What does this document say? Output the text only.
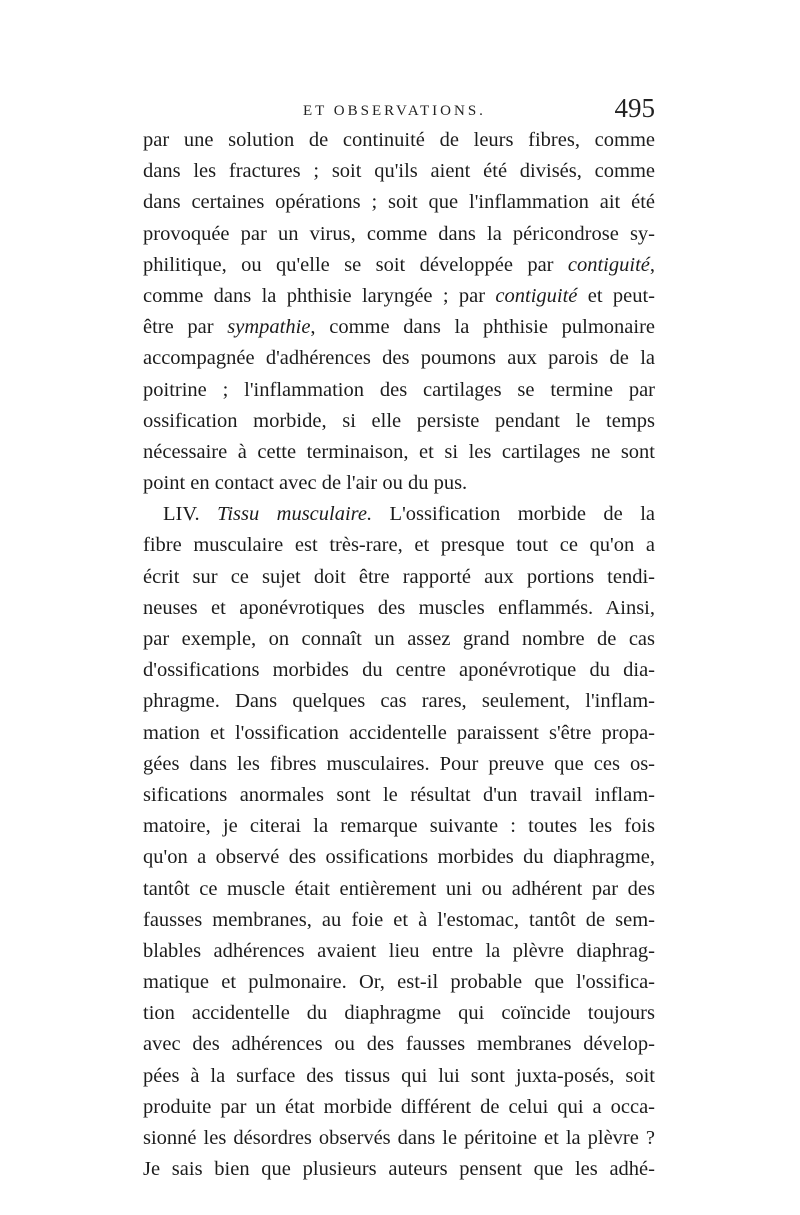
ET OBSERVATIONS.	495
par une solution de continuité de leurs fibres, comme
dans les fractures ; soit qu'ils aient été divisés, comme
dans certaines opérations ; soit que l'inflammation ait été
provoquée par un virus, comme dans la péricondrose sy-
philitique, ou qu'elle se soit développée par contiguité,
comme dans la phthisie laryngée ; par contiguité et peut-
être par sympathie, comme dans la phthisie pulmonaire
accompagnée d'adhérences des poumons aux parois de la
poitrine ; l'inflammation des cartilages se termine par
ossification morbide, si elle persiste pendant le temps
nécessaire à cette terminaison, et si les cartilages ne sont
point en contact avec de l'air ou du pus.
LIV. Tissu musculaire. L'ossification morbide de la
fibre musculaire est très-rare, et presque tout ce qu'on a
écrit sur ce sujet doit être rapporté aux portions tendi-
neuses et aponévrotiques des muscles enflammés. Ainsi,
par exemple, on connaît un assez grand nombre de cas
d'ossifications morbides du centre aponévrotique du dia-
phragme. Dans quelques cas rares, seulement, l'inflam-
mation et l'ossification accidentelle paraissent s'être propa-
gées dans les fibres musculaires. Pour preuve que ces os-
sifications anormales sont le résultat d'un travail inflam-
matoire, je citerai la remarque suivante : toutes les fois
qu'on a observé des ossifications morbides du diaphragme,
tantôt ce muscle était entièrement uni ou adhérent par des
fausses membranes, au foie et à l'estomac, tantôt de sem-
blables adhérences avaient lieu entre la plèvre diaphrag-
matique et pulmonaire. Or, est-il probable que l'ossifica-
tion accidentelle du diaphragme qui coïncide toujours
avec des adhérences ou des fausses membranes dévelop-
pées à la surface des tissus qui lui sont juxta-posés, soit
produite par un état morbide différent de celui qui a occa-
sionné les désordres observés dans le péritoine et la plèvre ?
Je sais bien que plusieurs auteurs pensent que les adhé-
